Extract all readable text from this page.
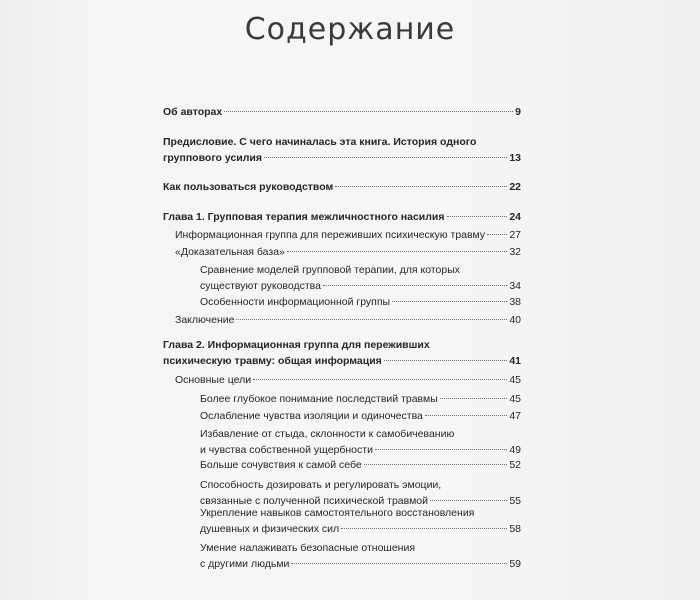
Содержание
Об авторах	9
Предисловие. С чего начиналась эта книга. История одного
группового усилия	13
Как пользоваться руководством	22
Глава 1. Групповая терапия межличностного насилия	24
Информационная группа для переживших психическую травму 27
«Доказательная база»	32
Сравнение моделей групповой терапии, для которых
существуют руководства	34
Особенности информационной группы	38
Заключение	40
Глава 2. Информационная группа для переживших
психическую травму: общая информация	41
Основные цели	45
Более глубокое понимание последствий травмы	45
Ослабление чувства изоляции и одиночества	47
Избавление от стыда, склонности к самобичеванию
и чувства собственной ущербности	49
Больше сочувствия к самой себе	52
Способность дозировать и регулировать эмоции,
связанные с полученной психической травмой	55
Укрепление навыков самостоятельного восстановления
душевных и физических сил	58
Умение налаживать безопасные отношения
с другими людьми	59
